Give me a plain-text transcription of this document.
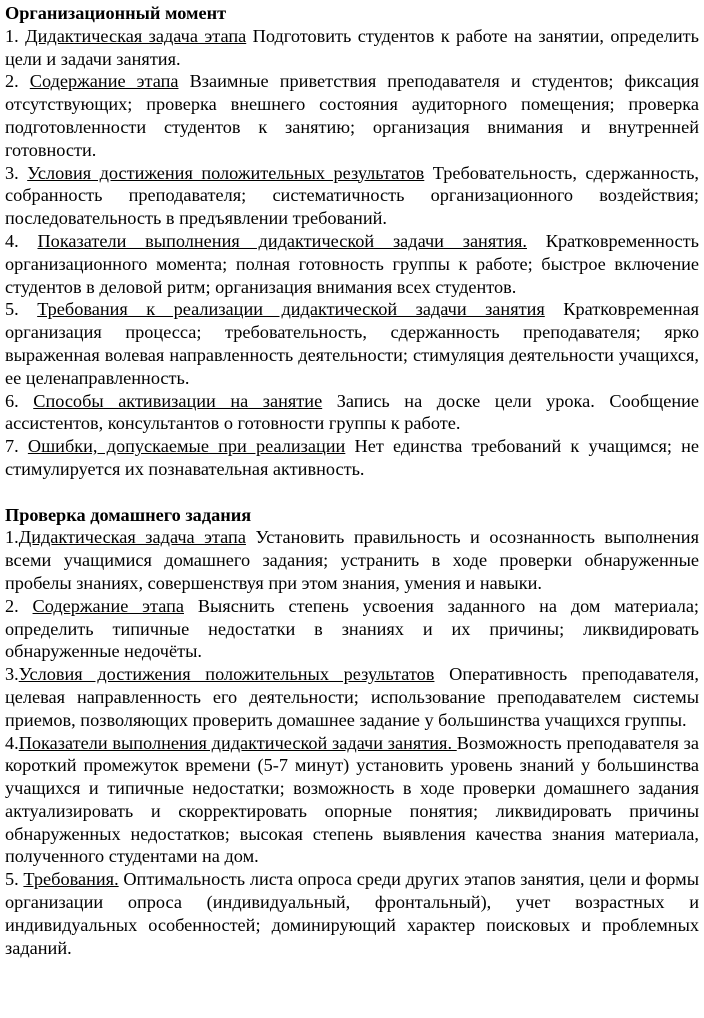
Организационный момент

1. Дидактическая задача этапа Подготовить студентов к работе на занятии, определить цели и задачи занятия.

2. Содержание этапа Взаимные приветствия преподавателя и студентов; фиксация отсутствующих; проверка внешнего состояния аудиторного помещения; проверка подготовленности студентов к занятию; организация внимания и внутренней готовности.

3. Условия достижения положительных результатов Требовательность, сдержанность, собранность преподавателя; систематичность организационного воздействия; последовательность в предъявлении требований.

4. Показатели выполнения дидактической задачи занятия. Кратковременность организационного момента; полная готовность группы к работе; быстрое включение студентов в деловой ритм; организация внимания всех студентов.

5. Требования к реализации дидактической задачи занятия Кратковременная организация процесса; требовательность, сдержанность преподавателя; ярко выраженная волевая направленность деятельности; стимуляция деятельности учащихся, ее целенаправленность.

6. Способы активизации на занятие Запись на доске цели урока. Сообщение ассистентов, консультантов о готовности группы к работе.

7. Ошибки, допускаемые при реализации Нет единства требований к учащимся; не стимулируется их познавательная активность.

Проверка домашнего задания

1.Дидактическая задача этапа Установить правильность и осознанность выполнения всеми учащимися домашнего задания; устранить в ходе проверки обнаруженные пробелы знаниях, совершенствуя при этом знания, умения и навыки.

2. Содержание этапа Выяснить степень усвоения заданного на дом материала; определить типичные недостатки в знаниях и их причины; ликвидировать обнаруженные недочёты.

3.Условия достижения положительных результатов Оперативность преподавателя, целевая направленность его деятельности; использование преподавателем системы приемов, позволяющих проверить домашнее задание у большинства учащихся группы.

4.Показатели выполнения дидактической задачи занятия. Возможность преподавателя за короткий промежуток времени (5-7 минут) установить уровень знаний у большинства учащихся и типичные недостатки; возможность в ходе проверки домашнего задания актуализировать и скорректировать опорные понятия; ликвидировать причины обнаруженных недостатков; высокая степень выявления качества знания материала, полученного студентами на дом.

5. Требования. Оптимальность листа опроса среди других этапов занятия, цели и формы организации опроса (индивидуальный, фронтальный), учет возрастных и индивидуальных особенностей; доминирующий характер поисковых и проблемных заданий.
